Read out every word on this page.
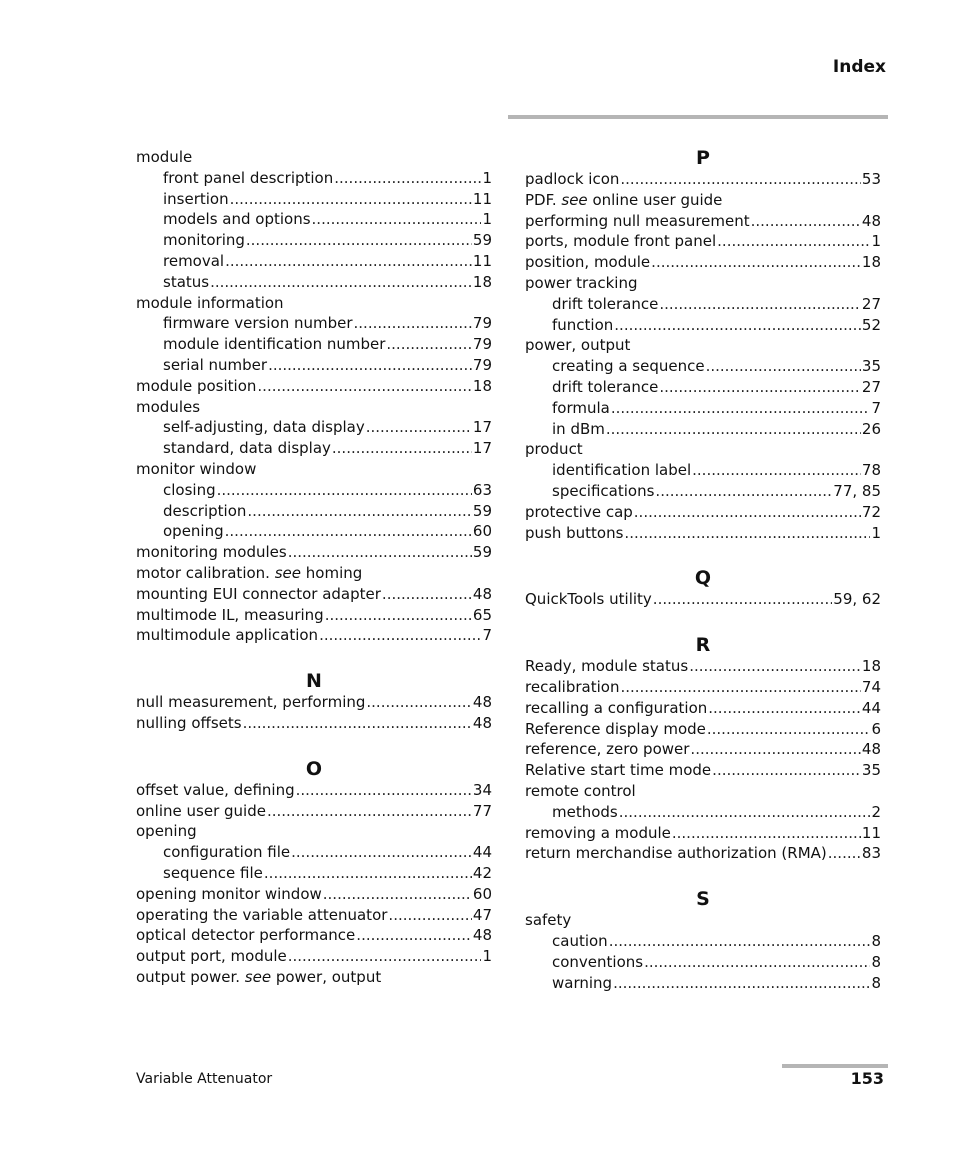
Index
module
front panel description .....	1
insertion .....	11
models and options .....	1
monitoring .....	59
removal .....	11
status .....	18
module information
firmware version number .....	79
module identification number .....	79
serial number .....	79
module position .....	18
modules
self-adjusting, data display .....	17
standard, data display .....	17
monitor window
closing .....	63
description .....	59
opening .....	60
monitoring modules .....	59
motor calibration. see homing
mounting EUI connector adapter .....	48
multimode IL, measuring .....	65
multimodule application .....	7
N
null measurement, performing .....	48
nulling offsets .....	48
O
offset value, defining .....	34
online user guide .....	77
opening
configuration file .....	44
sequence file .....	42
opening monitor window .....	60
operating the variable attenuator .....	47
optical detector performance .....	48
output port, module .....	1
output power. see power, output
P
padlock icon .....	53
PDF. see online user guide
performing null measurement .....	48
ports, module front panel .....	1
position, module .....	18
power tracking
drift tolerance .....	27
function .....	52
power, output
creating a sequence .....	35
drift tolerance .....	27
formula .....	7
in dBm .....	26
product
identification label .....	78
specifications .....	77, 85
protective cap .....	72
push buttons .....	1
Q
QuickTools utility .....	59, 62
R
Ready, module status .....	18
recalibration .....	74
recalling a configuration .....	44
Reference display mode .....	6
reference, zero power .....	48
Relative start time mode .....	35
remote control
methods .....	2
removing a module .....	11
return merchandise authorization (RMA) ..... 83
S
safety
caution .....	8
conventions .....	8
warning .....	8
Variable Attenuator	153
